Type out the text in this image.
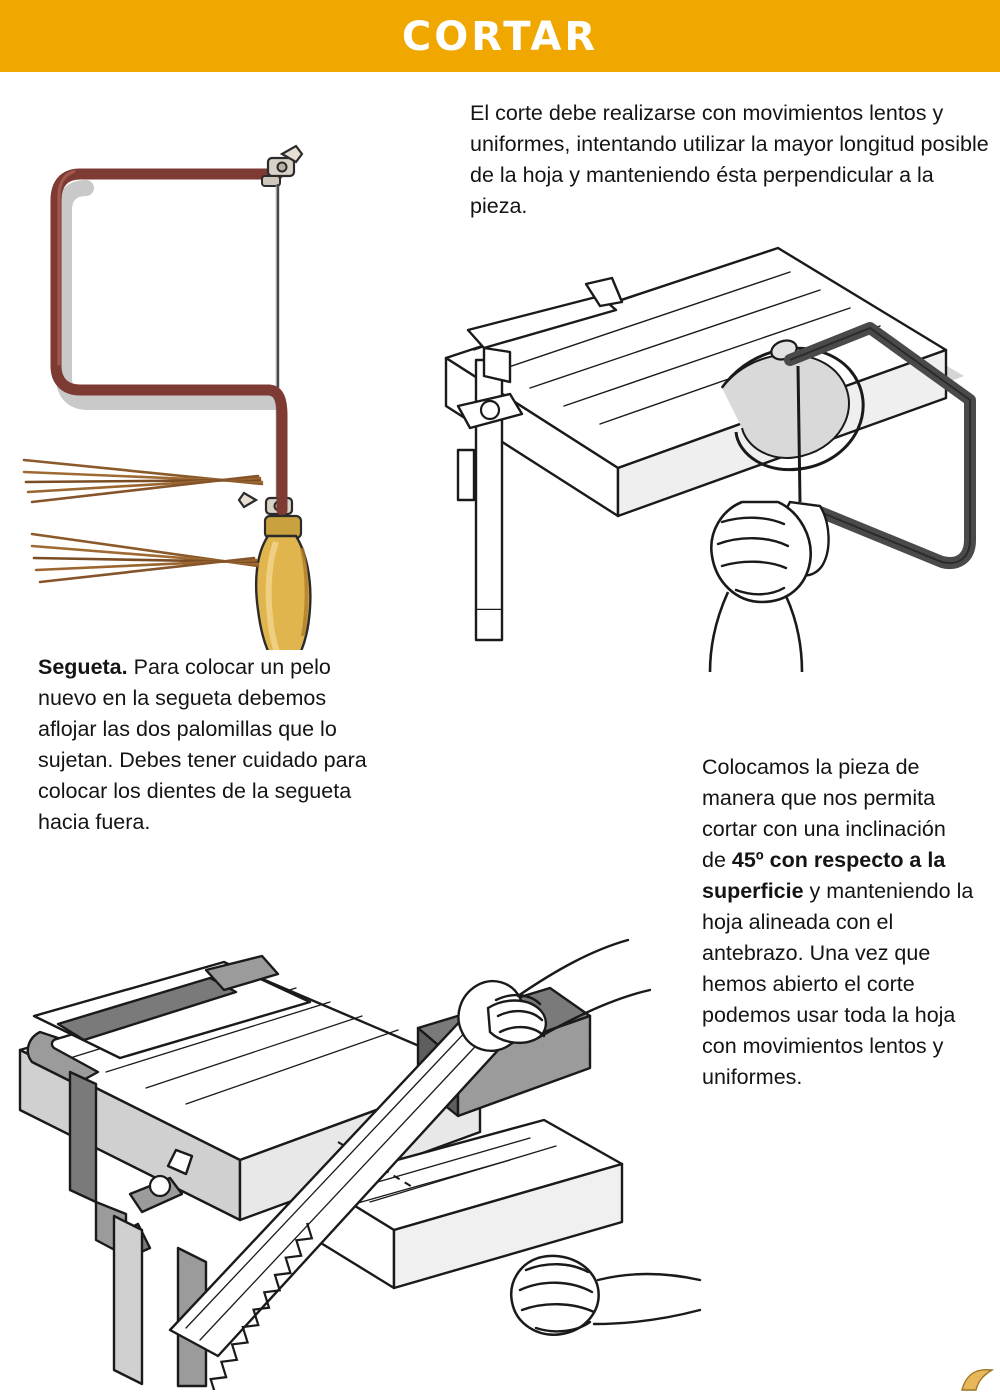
CORTAR
El corte debe realizarse con movimientos lentos y uniformes, intentando utilizar la mayor longitud posible de la hoja y manteniendo ésta perpendicular a la pieza.
Segueta. Para colocar un pelo nuevo en la segueta debemos aflojar las dos palomillas que lo sujetan. Debes tener cuidado para colocar los dientes de la segueta hacia fuera.
Colocamos la pieza de manera que nos permita cortar con una inclinación de 45º con respecto a la superficie y manteniendo la hoja alineada con el antebrazo. Una vez que hemos abierto el corte podemos usar toda la hoja con movimientos lentos y uniformes.
